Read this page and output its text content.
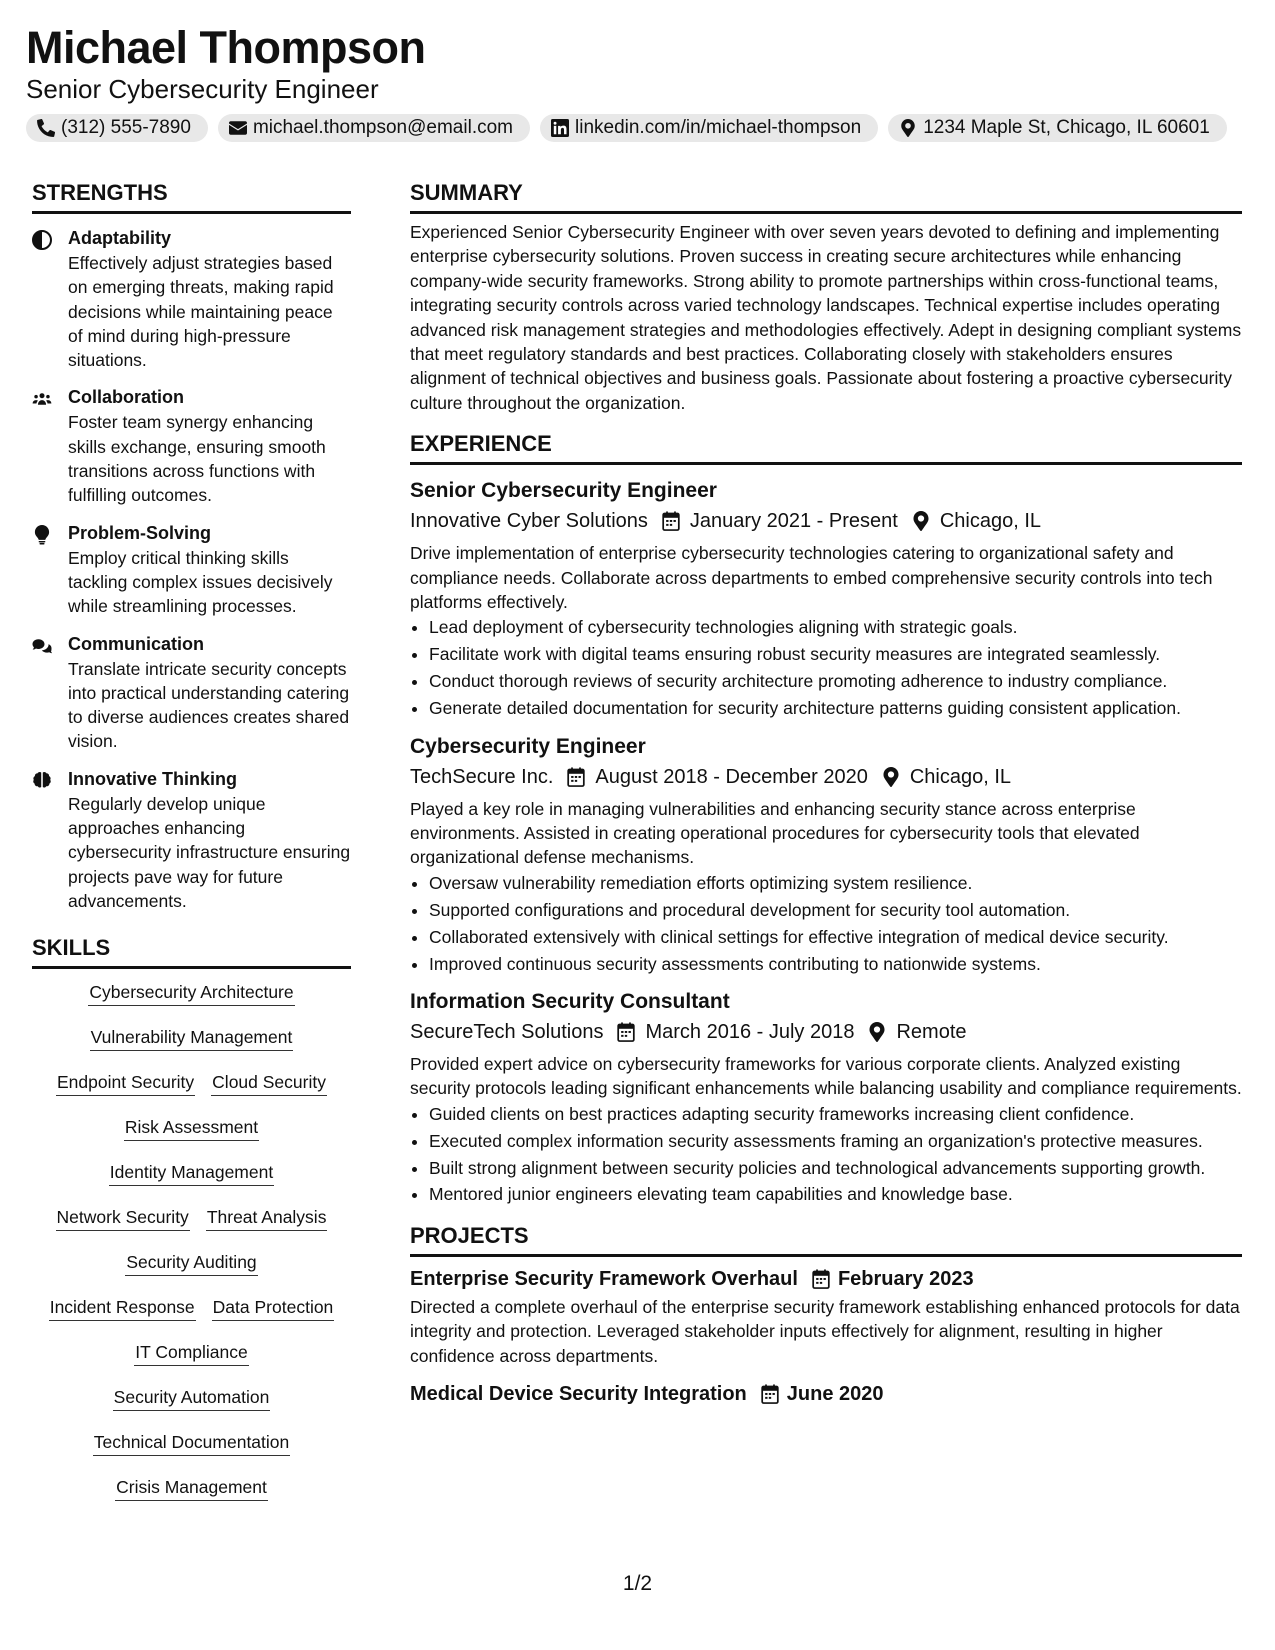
Michael Thompson
Senior Cybersecurity Engineer
(312) 555-7890	michael.thompson@email.com	linkedin.com/in/michael-thompson	1234 Maple St, Chicago, IL 60601
STRENGTHS
Adaptability
Effectively adjust strategies based on emerging threats, making rapid decisions while maintaining peace of mind during high-pressure situations.
Collaboration
Foster team synergy enhancing skills exchange, ensuring smooth transitions across functions with fulfilling outcomes.
Problem-Solving
Employ critical thinking skills tackling complex issues decisively while streamlining processes.
Communication
Translate intricate security concepts into practical understanding catering to diverse audiences creates shared vision.
Innovative Thinking
Regularly develop unique approaches enhancing cybersecurity infrastructure ensuring projects pave way for future advancements.
SKILLS
Cybersecurity Architecture
Vulnerability Management
Endpoint Security Cloud Security
Risk Assessment
Identity Management
Network Security Threat Analysis
Security Auditing
Incident Response Data Protection
IT Compliance
Security Automation
Technical Documentation
Crisis Management
SUMMARY
Experienced Senior Cybersecurity Engineer with over seven years devoted to defining and implementing enterprise cybersecurity solutions. Proven success in creating secure architectures while enhancing company-wide security frameworks. Strong ability to promote partnerships within cross-functional teams, integrating security controls across varied technology landscapes. Technical expertise includes operating advanced risk management strategies and methodologies effectively. Adept in designing compliant systems that meet regulatory standards and best practices. Collaborating closely with stakeholders ensures alignment of technical objectives and business goals. Passionate about fostering a proactive cybersecurity culture throughout the organization.
EXPERIENCE
Senior Cybersecurity Engineer
Innovative Cyber Solutions January 2021 - Present Chicago, IL
Drive implementation of enterprise cybersecurity technologies catering to organizational safety and compliance needs. Collaborate across departments to embed comprehensive security controls into tech platforms effectively.
• Lead deployment of cybersecurity technologies aligning with strategic goals.
• Facilitate work with digital teams ensuring robust security measures are integrated seamlessly.
• Conduct thorough reviews of security architecture promoting adherence to industry compliance.
• Generate detailed documentation for security architecture patterns guiding consistent application.
Cybersecurity Engineer
TechSecure Inc. August 2018 - December 2020 Chicago, IL
Played a key role in managing vulnerabilities and enhancing security stance across enterprise environments. Assisted in creating operational procedures for cybersecurity tools that elevated organizational defense mechanisms.
• Oversaw vulnerability remediation efforts optimizing system resilience.
• Supported configurations and procedural development for security tool automation.
• Collaborated extensively with clinical settings for effective integration of medical device security.
• Improved continuous security assessments contributing to nationwide systems.
Information Security Consultant
SecureTech Solutions March 2016 - July 2018 Remote
Provided expert advice on cybersecurity frameworks for various corporate clients. Analyzed existing security protocols leading significant enhancements while balancing usability and compliance requirements.
• Guided clients on best practices adapting security frameworks increasing client confidence.
• Executed complex information security assessments framing an organization's protective measures.
• Built strong alignment between security policies and technological advancements supporting growth.
• Mentored junior engineers elevating team capabilities and knowledge base.
PROJECTS
Enterprise Security Framework Overhaul February 2023
Directed a complete overhaul of the enterprise security framework establishing enhanced protocols for data integrity and protection. Leveraged stakeholder inputs effectively for alignment, resulting in higher confidence across departments.
Medical Device Security Integration June 2020
1/2
